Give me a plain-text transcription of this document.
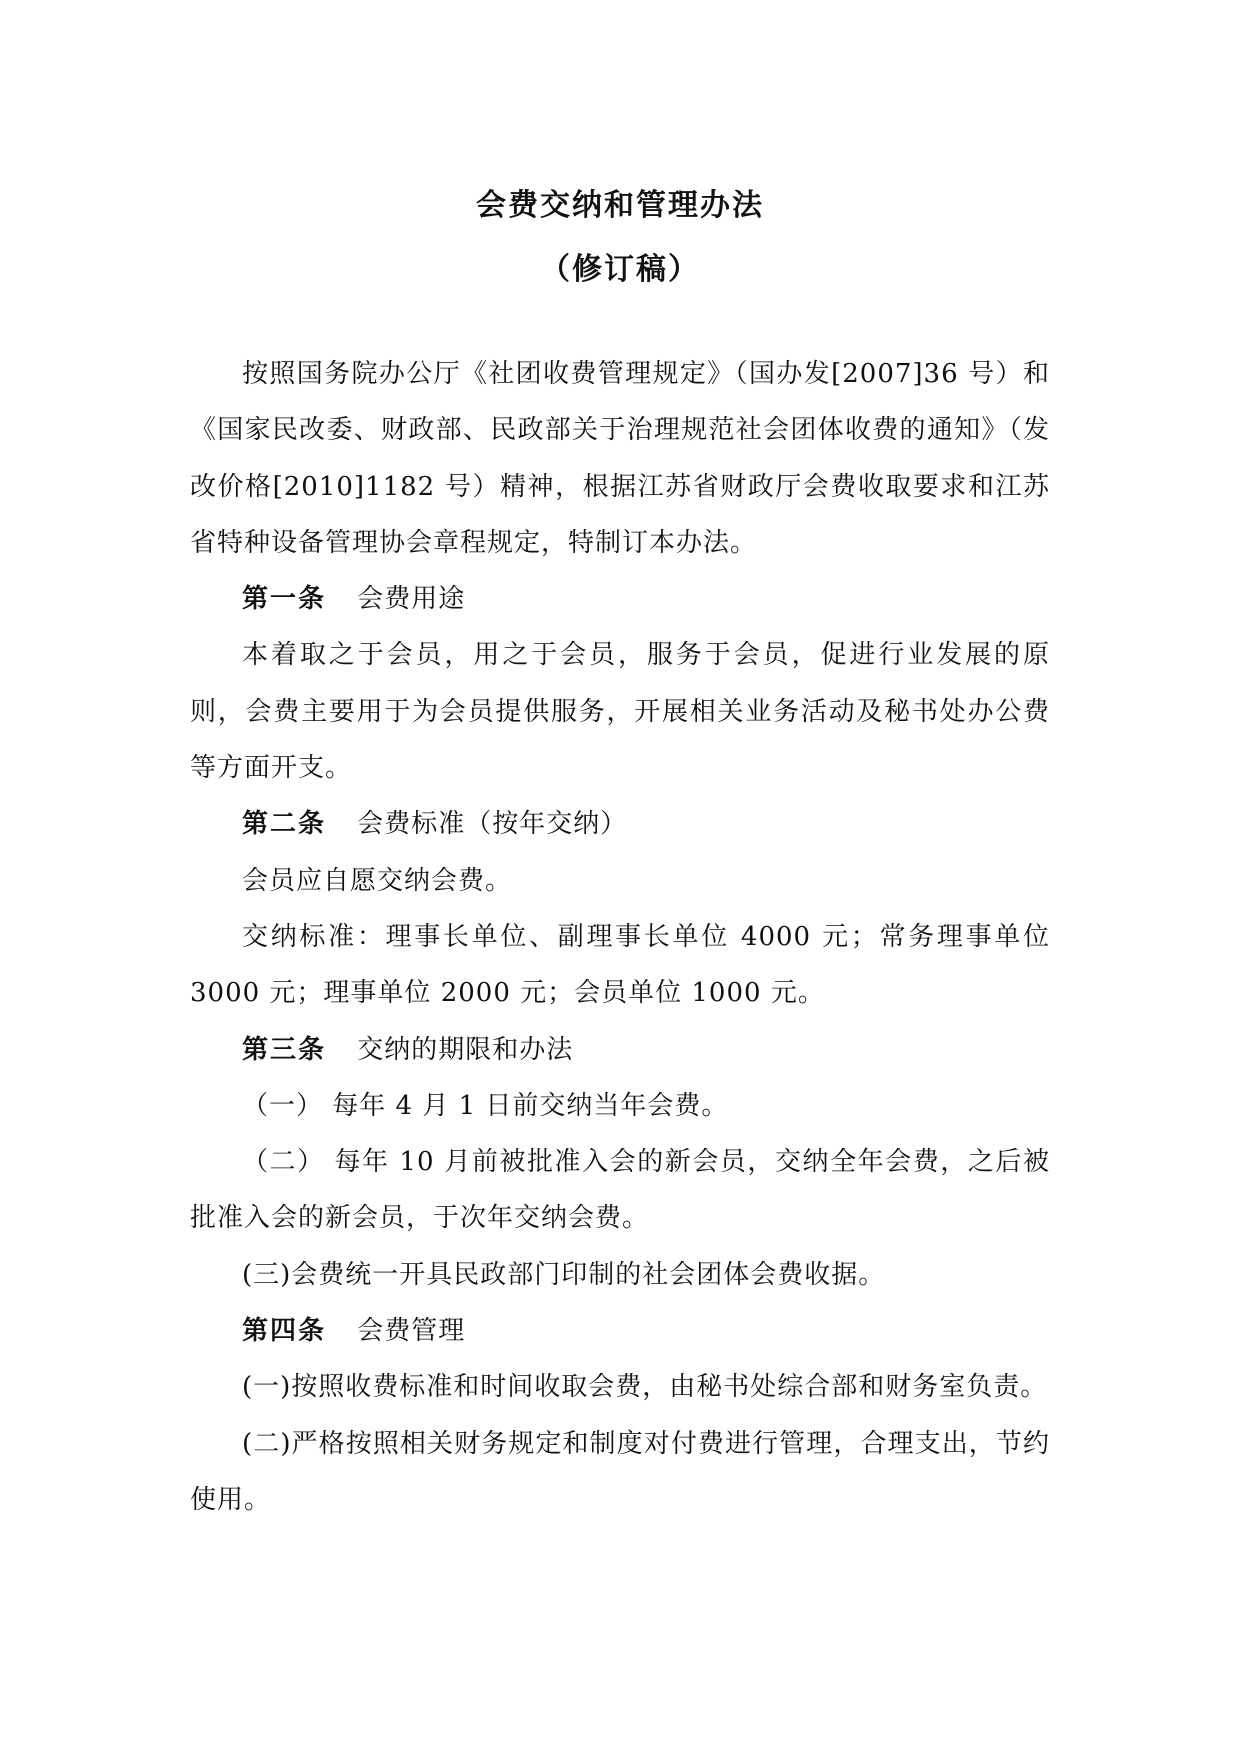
会费交纳和管理办法
（修订稿）

按照国务院办公厅《社团收费管理规定》（国办发[2007]36 号）和《国家民改委、财政部、民政部关于治理规范社会团体收费的通知》（发改价格[2010]1182 号）精神，根据江苏省财政厅会费收取要求和江苏省特种设备管理协会章程规定，特制订本办法。

第一条 会费用途

本着取之于会员，用之于会员，服务于会员，促进行业发展的原则，会费主要用于为会员提供服务，开展相关业务活动及秘书处办公费等方面开支。

第二条 会费标准（按年交纳）

会员应自愿交纳会费。

交纳标准：理事长单位、副理事长单位 4000 元；常务理事单位 3000 元；理事单位 2000 元；会员单位 1000 元。

第三条 交纳的期限和办法

（一） 每年 4 月 1 日前交纳当年会费。

（二） 每年 10 月前被批准入会的新会员，交纳全年会费，之后被批准入会的新会员，于次年交纳会费。

(三)会费统一开具民政部门印制的社会团体会费收据。

第四条 会费管理

(一)按照收费标准和时间收取会费，由秘书处综合部和财务室负责。

(二)严格按照相关财务规定和制度对付费进行管理，合理支出，节约使用。
